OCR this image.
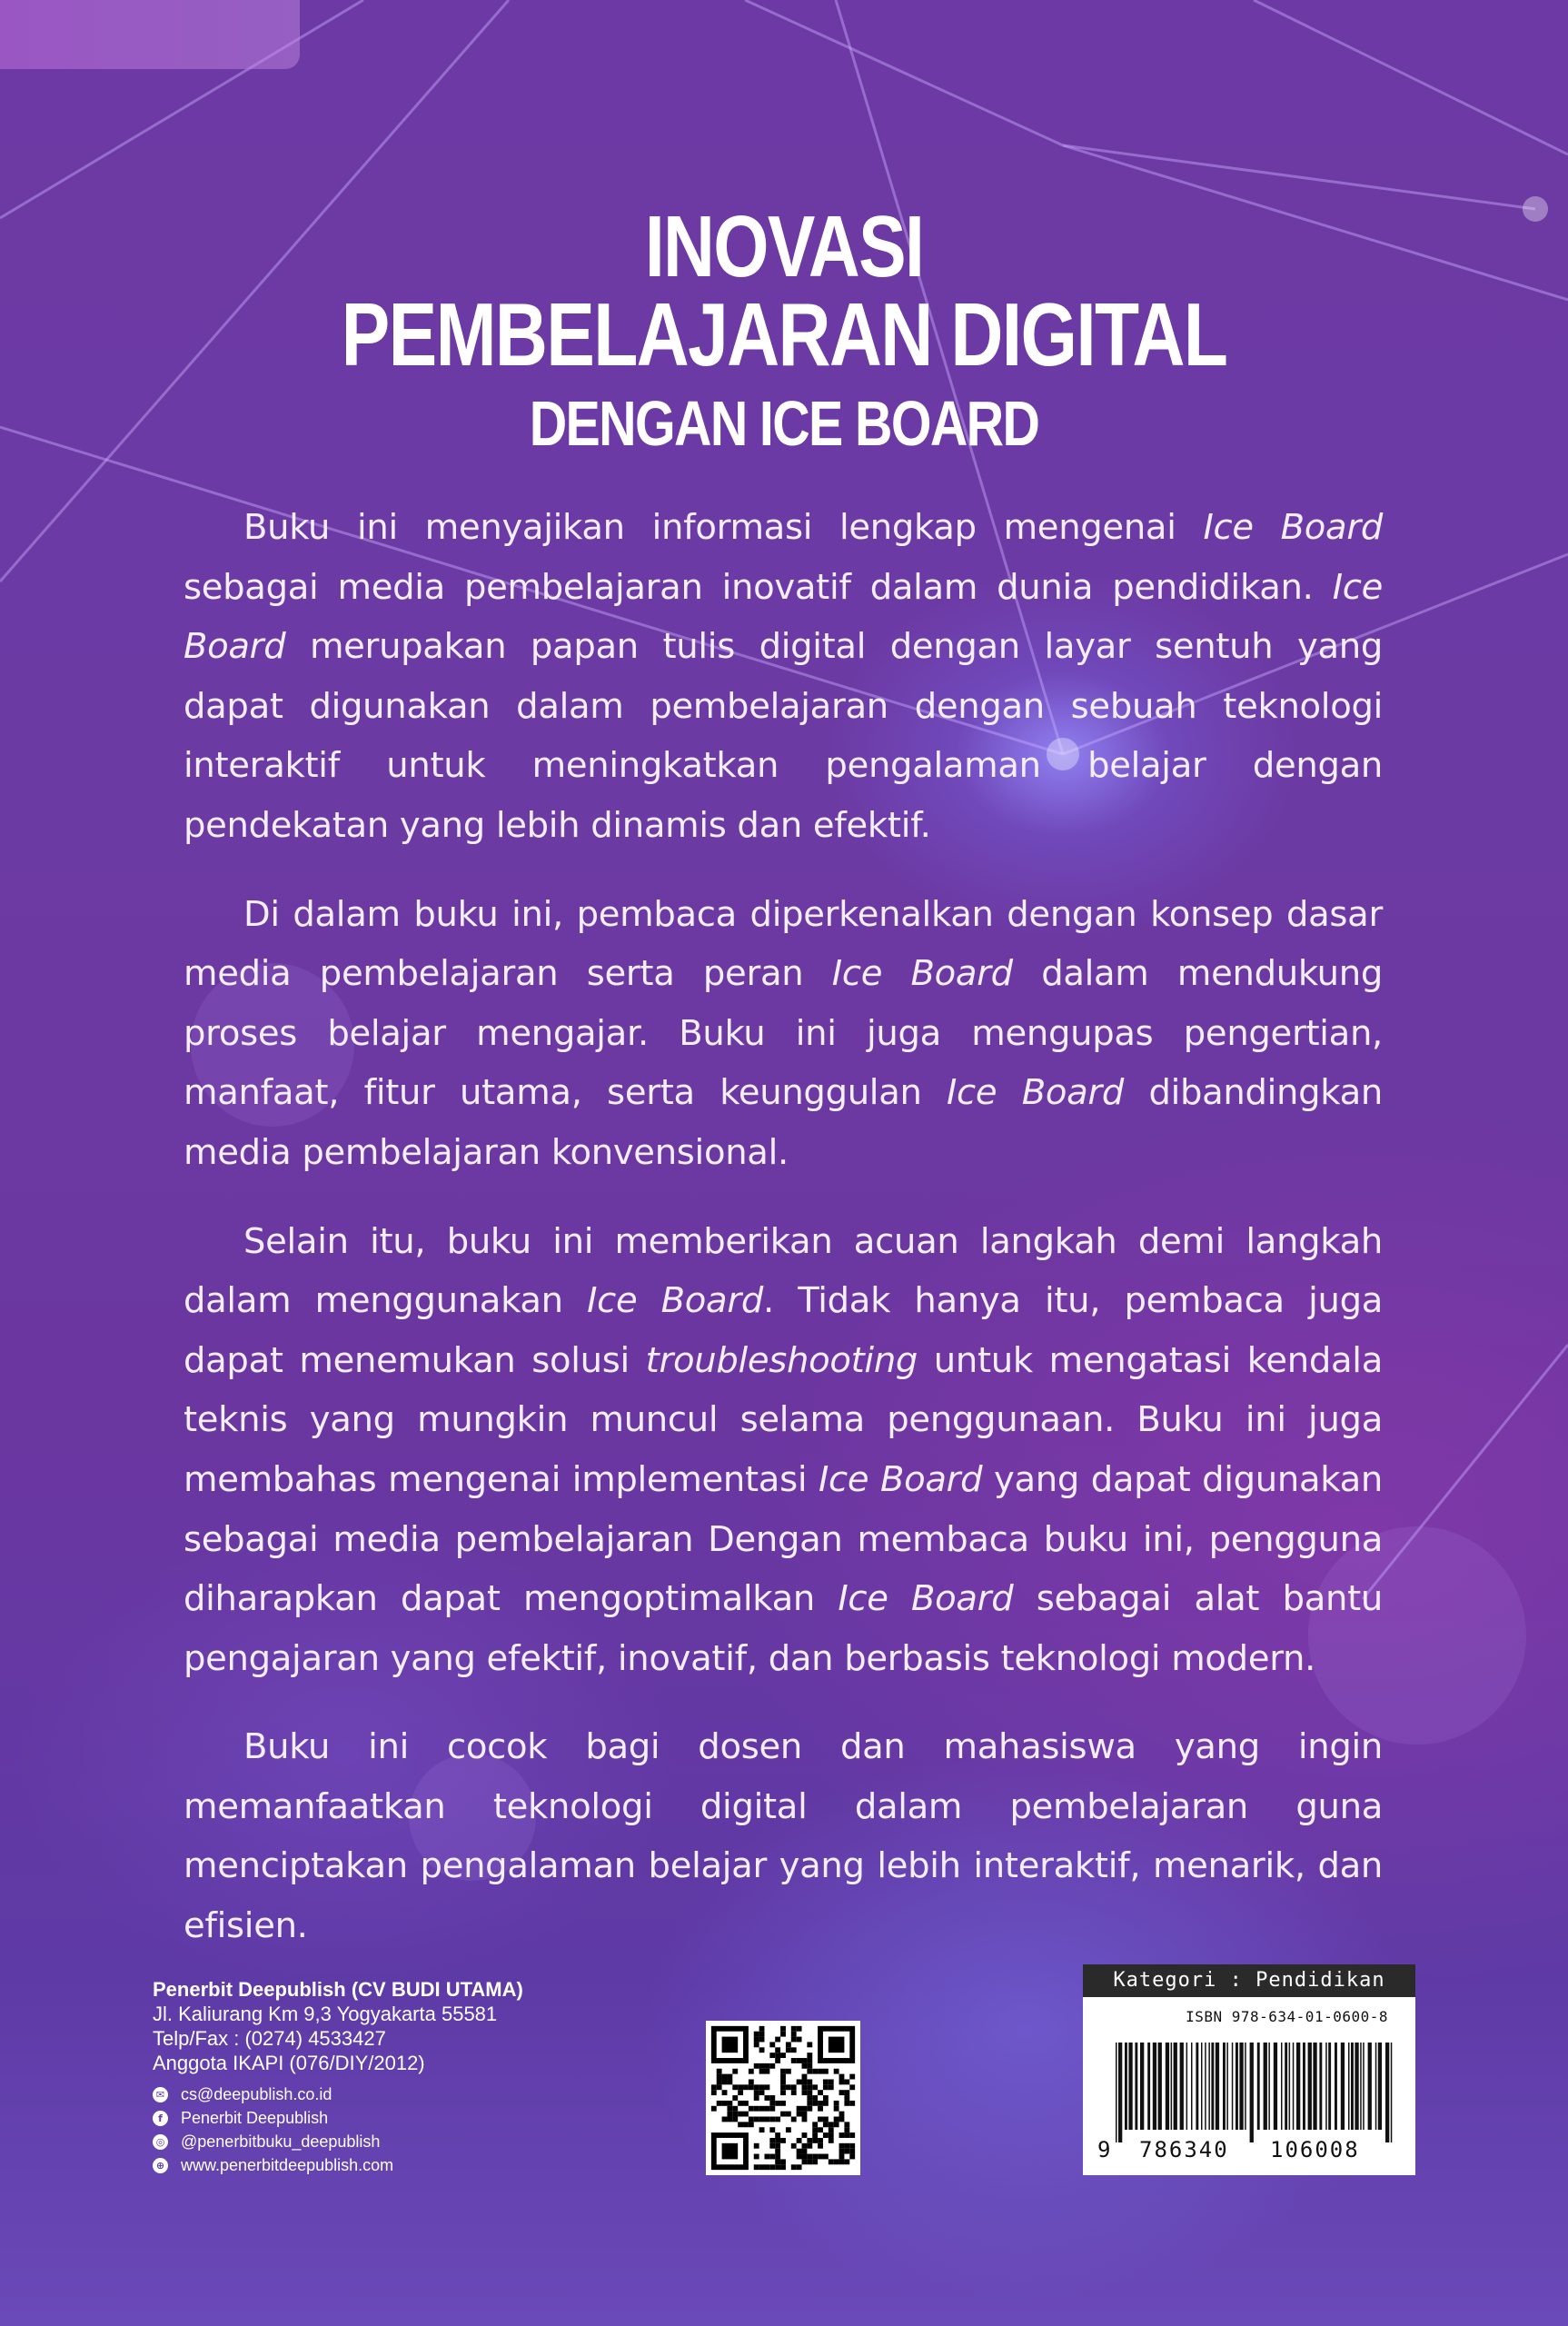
INOVASI
PEMBELAJARAN DIGITAL
DENGAN ICE BOARD

Buku ini menyajikan informasi lengkap mengenai Ice Board sebagai media pembelajaran inovatif dalam dunia pendidikan. Ice Board merupakan papan tulis digital dengan layar sentuh yang dapat digunakan dalam pembelajaran dengan sebuah teknologi interaktif untuk meningkatkan pengalaman belajar dengan pendekatan yang lebih dinamis dan efektif.

Di dalam buku ini, pembaca diperkenalkan dengan konsep dasar media pembelajaran serta peran Ice Board dalam mendukung proses belajar mengajar. Buku ini juga mengupas pengertian, manfaat, fitur utama, serta keunggulan Ice Board dibandingkan media pembelajaran konvensional.

Selain itu, buku ini memberikan acuan langkah demi langkah dalam menggunakan Ice Board. Tidak hanya itu, pembaca juga dapat menemukan solusi troubleshooting untuk mengatasi kendala teknis yang mungkin muncul selama penggunaan. Buku ini juga membahas mengenai implementasi Ice Board yang dapat digunakan sebagai media pembelajaran Dengan membaca buku ini, pengguna diharapkan dapat mengoptimalkan Ice Board sebagai alat bantu pengajaran yang efektif, inovatif, dan berbasis teknologi modern.

Buku ini cocok bagi dosen dan mahasiswa yang ingin memanfaatkan teknologi digital dalam pembelajaran guna menciptakan pengalaman belajar yang lebih interaktif, menarik, dan efisien.

Penerbit Deepublish (CV BUDI UTAMA)
Jl. Kaliurang Km 9,3 Yogyakarta 55581
Telp/Fax : (0274) 4533427
Anggota IKAPI (076/DIY/2012)
✉ cs@deepublish.co.id
f	Penerbit Deepublish
◎ @penerbitbuku_deepublish
⊕ www.penerbitdeepublish.com
Kategori : Pendidikan
ISBN 978-634-01-0600-8
9 786340 106008
